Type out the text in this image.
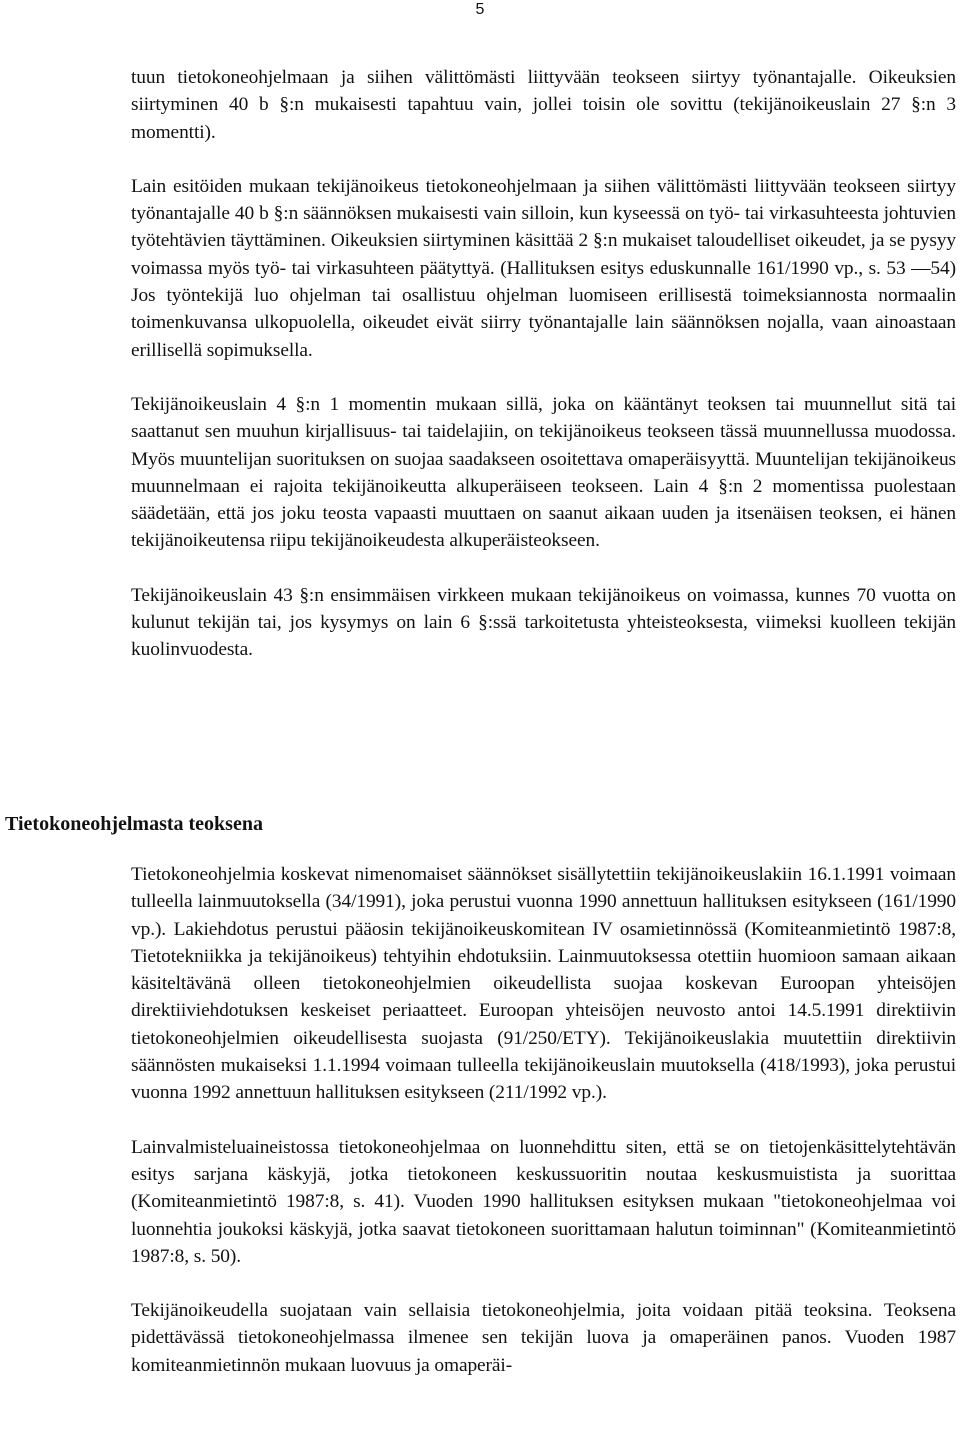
5

tuun tietokoneohjelmaan ja siihen välittömästi liittyvään teokseen siirtyy työnantajalle. Oikeuksien siirtyminen 40 b §:n mukaisesti tapahtuu vain, jollei toisin ole sovittu (tekijänoikeuslain 27 §:n 3 momentti).

Lain esitöiden mukaan tekijänoikeus tietokoneohjelmaan ja siihen välittömästi liittyvään teokseen siirtyy työnantajalle 40 b §:n säännöksen mukaisesti vain silloin, kun kyseessä on työ- tai virkasuhteesta johtuvien työtehtävien täyttäminen. Oikeuksien siirtyminen käsittää 2 §:n mukaiset taloudelliset oikeudet, ja se pysyy voimassa myös työ- tai virkasuhteen päätyttyä. (Hallituksen esitys eduskunnalle 161/1990 vp., s. 53 —54) Jos työntekijä luo ohjelman tai osallistuu ohjelman luomiseen erillisestä toimeksiannosta normaalin toimenkuvansa ulkopuolella, oikeudet eivät siirry työnantajalle lain säännöksen nojalla, vaan ainoastaan erillisellä sopimuksella.

Tekijänoikeuslain 4 §:n 1 momentin mukaan sillä, joka on kääntänyt teoksen tai muunnellut sitä tai saattanut sen muuhun kirjallisuus- tai taidelajiin, on tekijänoikeus teokseen tässä muunnellussa muodossa. Myös muuntelijan suorituksen on suojaa saadakseen osoitettava omaperäisyyttä. Muuntelijan tekijänoikeus muunnelmaan ei rajoita tekijänoikeutta alkuperäiseen teokseen. Lain 4 §:n 2 momentissa puolestaan säädetään, että jos joku teosta vapaasti muuttaen on saanut aikaan uuden ja itsenäisen teoksen, ei hänen tekijänoikeutensa riipu tekijänoikeudesta alkuperäisteokseen.

Tekijänoikeuslain 43 §:n ensimmäisen virkkeen mukaan tekijänoikeus on voimassa, kunnes 70 vuotta on kulunut tekijän tai, jos kysymys on lain 6 §:ssä tarkoitetusta yhteisteoksesta, viimeksi kuolleen tekijän kuolinvuodesta.

Tietokoneohjelmasta teoksena

Tietokoneohjelmia koskevat nimenomaiset säännökset sisällytettiin tekijänoikeuslakiin 16.1.1991 voimaan tulleella lainmuutoksella (34/1991), joka perustui vuonna 1990 annettuun hallituksen esitykseen (161/1990 vp.). Lakiehdotus perustui pääosin tekijänoikeuskomitean IV osamietinnössä (Komiteanmietintö 1987:8, Tietotekniikka ja tekijänoikeus) tehtyihin ehdotuksiin. Lainmuutoksessa otettiin huomioon samaan aikaan käsiteltävänä olleen tietokoneohjelmien oikeudellista suojaa koskevan Euroopan yhteisöjen direktiiviehdotuksen keskeiset periaatteet. Euroopan yhteisöjen neuvosto antoi 14.5.1991 direktiivin tietokoneohjelmien oikeudellisesta suojasta (91/250/ETY). Tekijänoikeuslakia muutettiin direktiivin säännösten mukaiseksi 1.1.1994 voimaan tulleella tekijänoikeuslain muutoksella (418/1993), joka perustui vuonna 1992 annettuun hallituksen esitykseen (211/1992 vp.).

Lainvalmisteluaineistossa tietokoneohjelmaa on luonnehdittu siten, että se on tietojenkäsittelytehtävän esitys sarjana käskyjä, jotka tietokoneen keskussuoritin noutaa keskusmuistista ja suorittaa (Komiteanmietintö 1987:8, s. 41). Vuoden 1990 hallituksen esityksen mukaan "tietokoneohjelmaa voi luonnehtia joukoksi käskyjä, jotka saavat tietokoneen suorittamaan halutun toiminnan" (Komiteanmietintö 1987:8, s. 50).

Tekijänoikeudella suojataan vain sellaisia tietokoneohjelmia, joita voidaan pitää teoksina. Teoksena pidettävässä tietokoneohjelmassa ilmenee sen tekijän luova ja omaperäinen panos. Vuoden 1987 komiteanmietinnön mukaan luovuus ja omaperäi-
